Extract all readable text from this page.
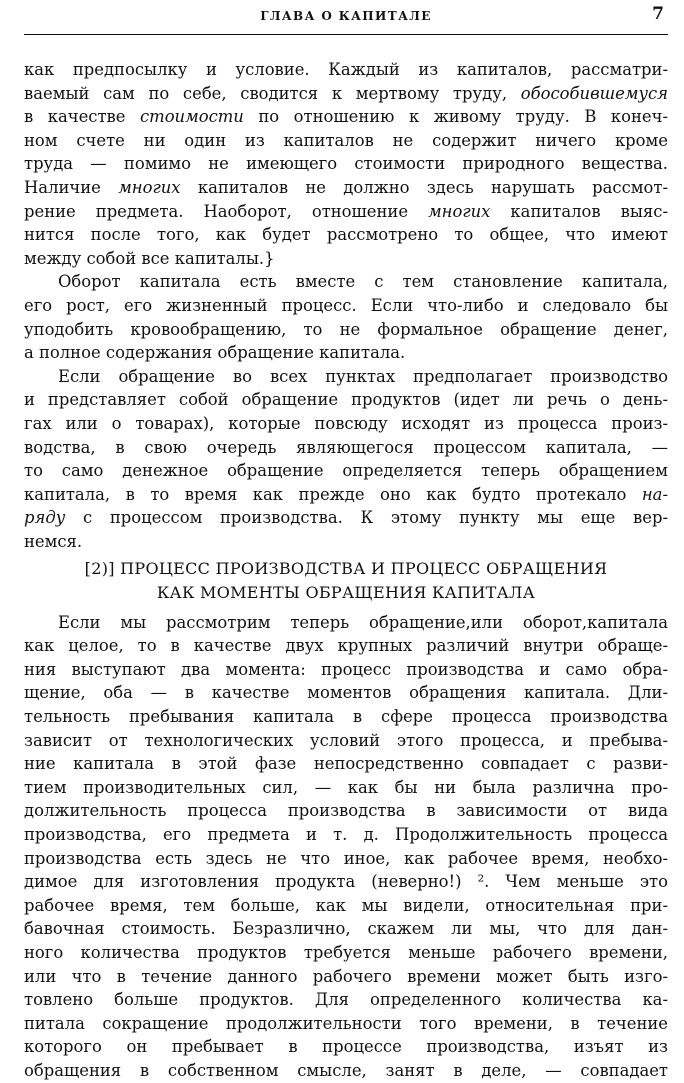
ГЛАВА О КАПИТАЛЕ	7
как предпосылку и условие. Каждый из капиталов, рассматри-
ваемый сам по себе, сводится к мертвому труду, обособившемуся
в качестве стоимости по отношению к живому труду. В конеч-
ном счете ни один из капиталов не содержит ничего кроме
труда — помимо не имеющего стоимости природного вещества.
Наличие многих капиталов не должно здесь нарушать рассмот-
рение предмета. Наоборот, отношение многих капиталов выяс-
нится после того, как будет рассмотрено то общее, что имеют
между собой все капиталы.}
Оборот капитала есть вместе с тем становление капитала,
его рост, его жизненный процесс. Если что-либо и следовало бы
уподобить кровообращению, то не формальное обращение денег,
а полное содержания обращение капитала.
Если обращение во всех пунктах предполагает производство
и представляет собой обращение продуктов (идет ли речь о день-
гах или о товарах), которые повсюду исходят из процесса произ-
водства, в свою очередь являющегося процессом капитала, —
то само денежное обращение определяется теперь обращением
капитала, в то время как прежде оно как будто протекало на-
ряду с процессом производства. К этому пункту мы еще вер-
немся.
[2)] ПРОЦЕСС ПРОИЗВОДСТВА И ПРОЦЕСС ОБРАЩЕНИЯ
КАК МОМЕНТЫ ОБРАЩЕНИЯ КАПИТАЛА
Если мы рассмотрим теперь обращение,или оборот,капитала
как целое, то в качестве двух крупных различий внутри обраще-
ния выступают два момента: процесс производства и само обра-
щение, оба — в качестве моментов обращения капитала. Дли-
тельность пребывания капитала в сфере процесса производства
зависит от технологических условий этого процесса, и пребыва-
ние капитала в этой фазе непосредственно совпадает с разви-
тием производительных сил, — как бы ни была различна про-
должительность процесса производства в зависимости от вида
производства, его предмета и т. д. Продолжительность процесса
производства есть здесь не что иное, как рабочее время, необхо-
димое для изготовления продукта (неверно!) ². Чем меньше это
рабочее время, тем больше, как мы видели, относительная при-
бавочная стоимость. Безразлично, скажем ли мы, что для дан-
ного количества продуктов требуется меньше рабочего времени,
или что в течение данного рабочего времени может быть изго-
товлено больше продуктов. Для определенного количества ка-
питала сокращение продолжительности того времени, в течение
которого он пребывает в процессе производства, изъят из
обращения в собственном смысле, занят в деле, — совпадает
